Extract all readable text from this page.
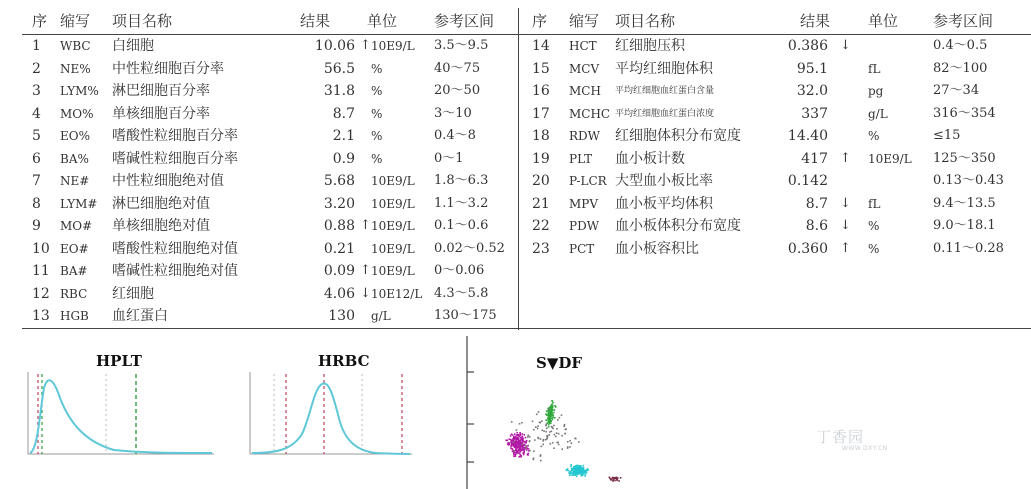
序 缩写 项目名称	结果 单位 参考区间	序 缩写 项目名称	结果	单位 参考区间
1	WBC 白细胞	10.06 ↑ 10E9/L 3.5～9.5
2	NE% 中性粒细胞百分率	56.5 %	40～75
3	LYM% 淋巴细胞百分率	31.8 %	20～50
4	MO% 单核细胞百分率	8.7 %	3～10
5	EO% 嗜酸性粒细胞百分率	2.1 %	0.4～8
6	BA% 嗜碱性粒细胞百分率	0.9 %	0～1
7	NE# 中性粒细胞绝对值	5.68 10E9/L 1.8～6.3
8	LYM# 淋巴细胞绝对值	3.20 10E9/L 1.1～3.2
9	MO# 单核细胞绝对值	0.88 ↑ 10E9/L 0.1～0.6
10 EO# 嗜酸性粒细胞绝对值	0.21 10E9/L 0.02～0.52
11 BA# 嗜碱性粒细胞绝对值	0.09 ↑ 10E9/L 0～0.06
12 RBC 红细胞	4.06 ↓ 10E12/L 4.3～5.8
13 HGB 血红蛋白	130 g/L	130～175
14	HCT 红细胞压积	0.386 ↓	0.4～0.5
15	MCV 平均红细胞体积	95.1	fL	82～100
16	MCH 平均红细胞血红蛋白含量	32.0	pg	27～34
17	MCHC 平均红细胞血红蛋白浓度	337	g/L	316～354
18	RDW 红细胞体积分布宽度	14.40	%	≤15
19	PLT 血小板计数	417 ↑ 10E9/L 125～350
20	P-LCR 大型血小板比率	0.142	0.13～0.43
21	MPV 血小板平均体积	8.7 ↓ fL	9.4～13.5
22	PDW 血小板体积分布宽度	8.6 ↓ %	9.0～18.1
23	PCT 血小板容积比	0.360 ↑ %	0.11～0.28
HPLT	HRBC	S▼DF
丁香园
WWW.DXY.CN
